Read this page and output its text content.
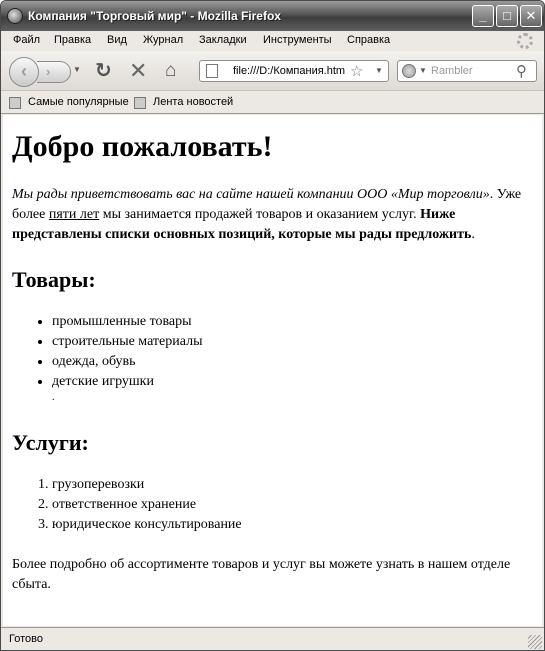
Компания "Торговый мир" - Mozilla Firefox	_	□	✕
Файл Правка Вид Журнал Закладки Инструменты Справка
›
‹	▼ ↻ ✕ ⌂	file:///D:/Компания.htm ☆ ▼	▼ Rambler	⚲
Самые популярные Лента новостей
Добро пожаловать!

Мы рады приветствовать вас на сайте нашей компании ООО «Мир торговли». Уже более пяти лет мы занимается продажей товаров и оказанием услуг. Ниже представлены списки основных позиций, которые мы рады предложить.

Товары:
• промышленные товары
• строительные материалы
• одежда, обувь
• детские игрушки
.
Услуги:
1. грузоперевозки
2. ответственное хранение
3. юридическое консультирование

Более подробно об ассортименте товаров и услуг вы можете узнать в нашем отделе сбыта.

Готово
